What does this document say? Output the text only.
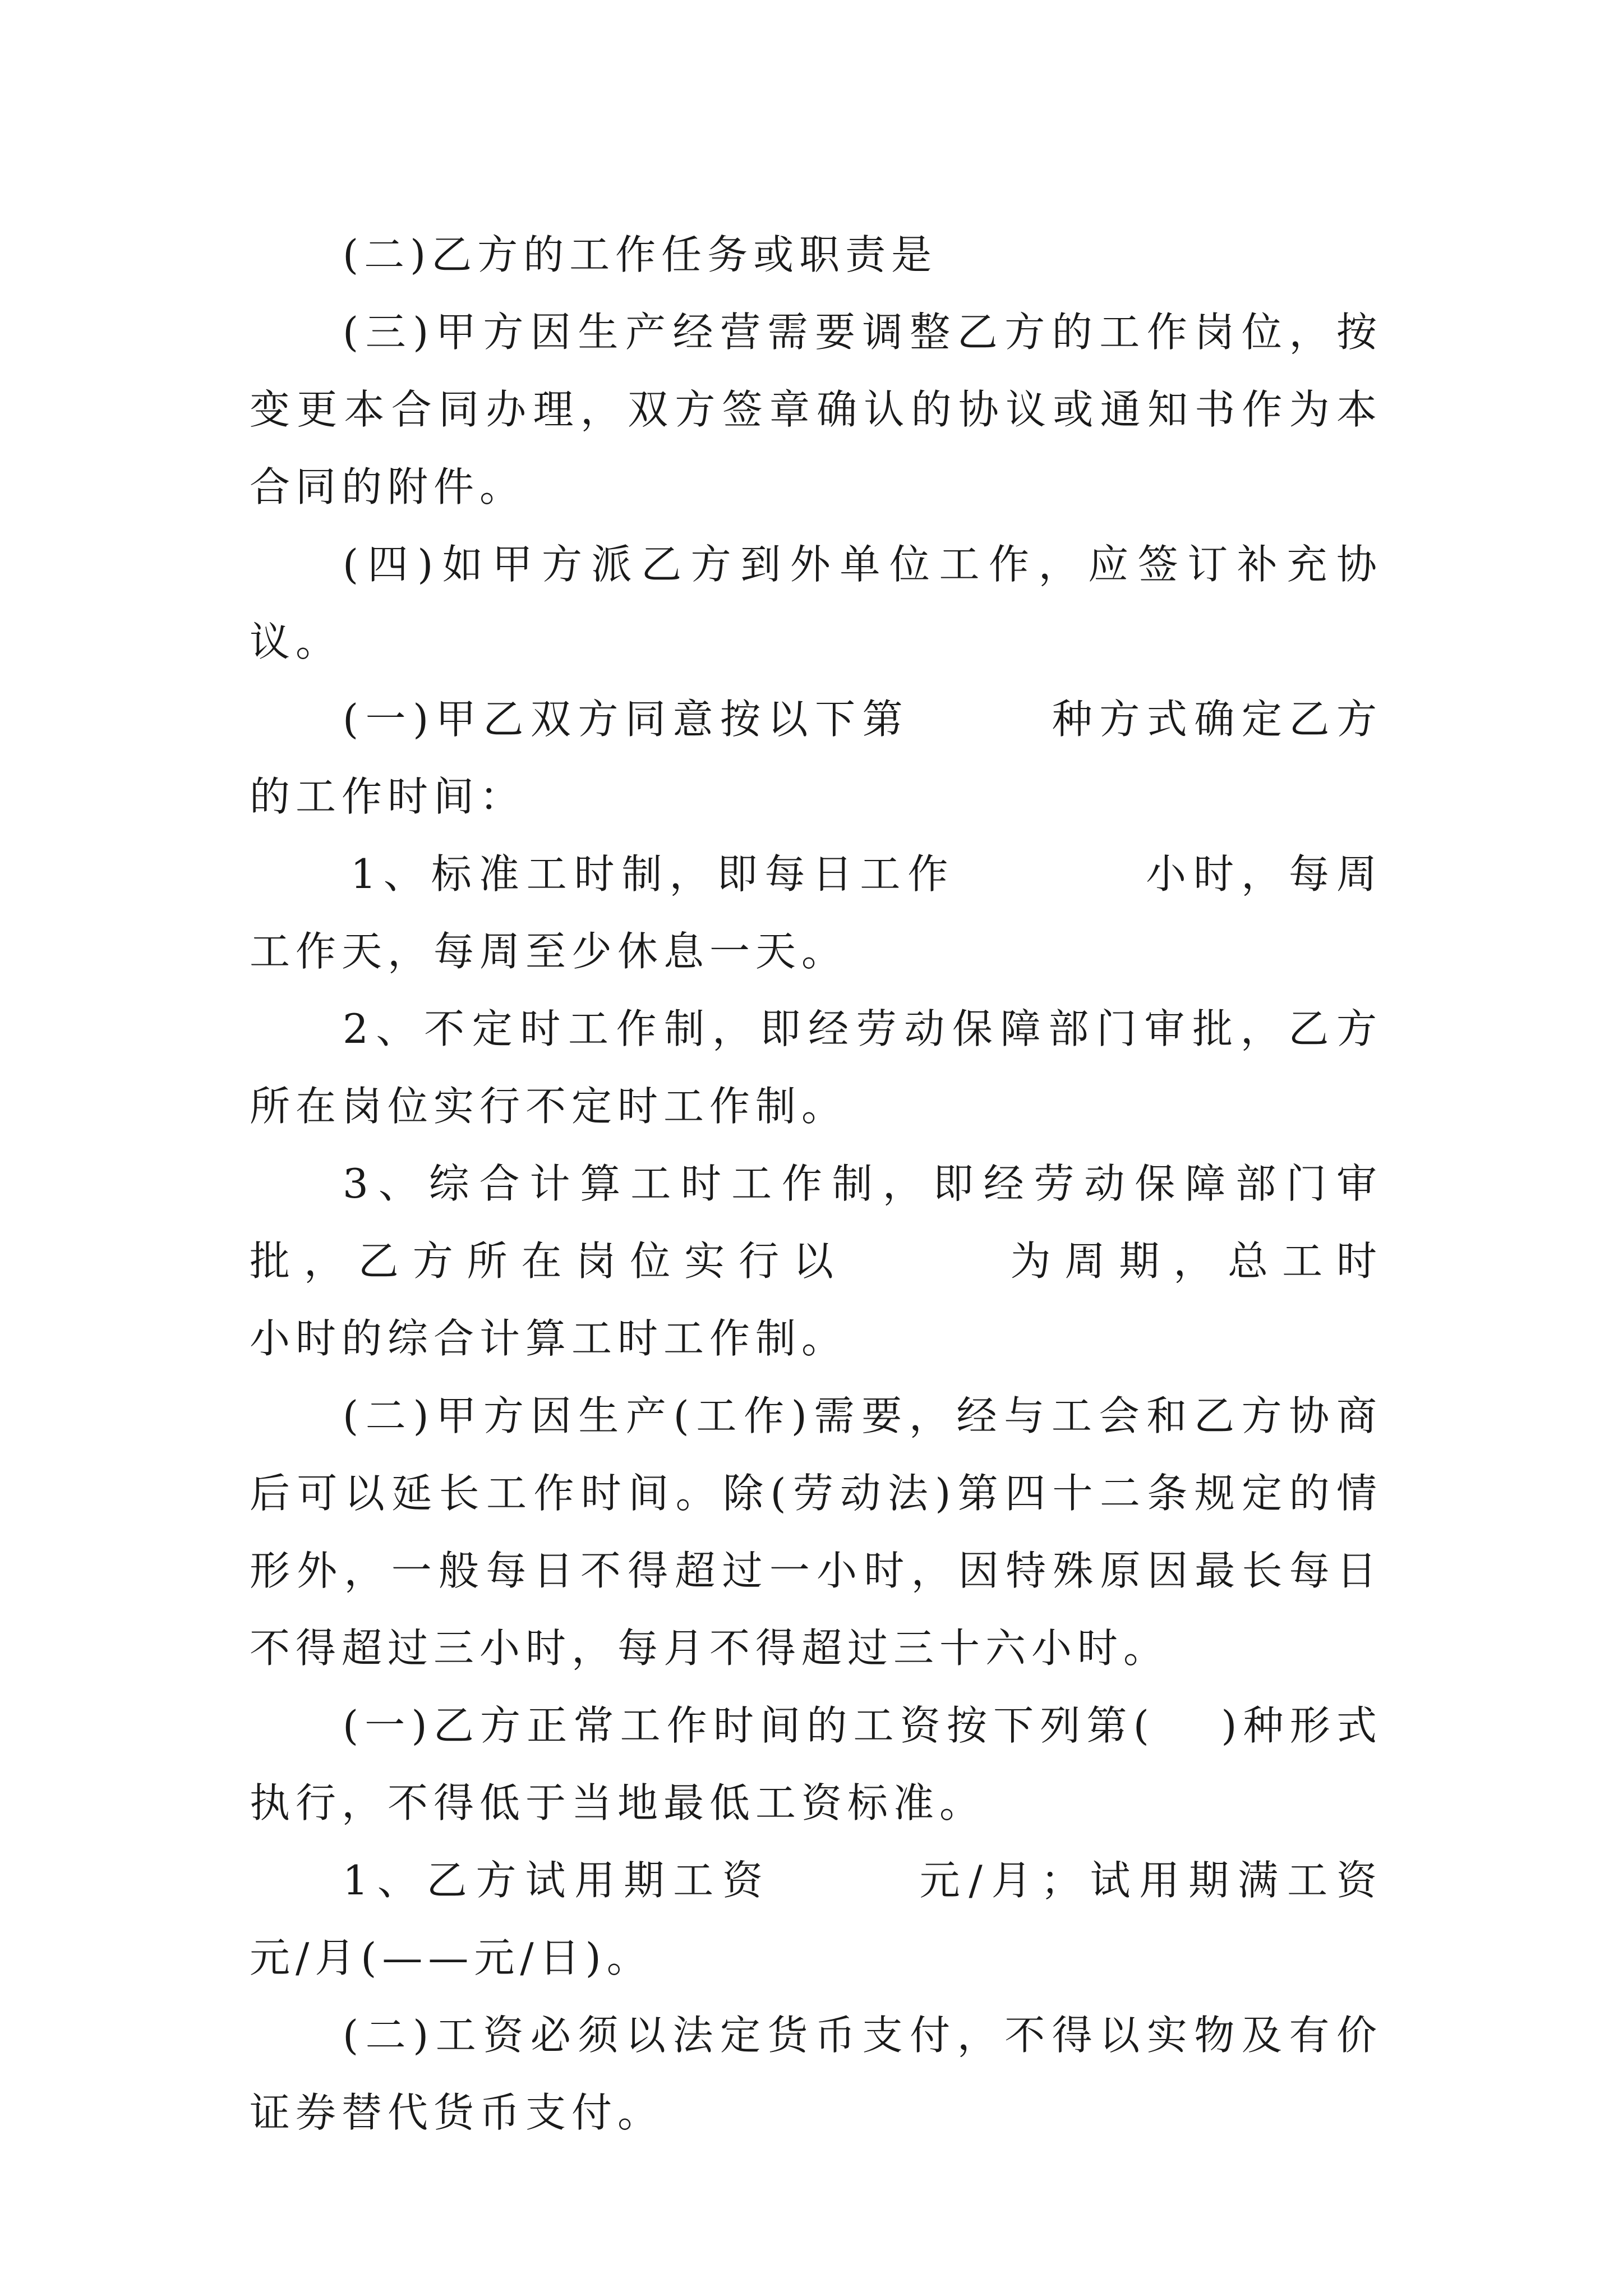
(二)乙方的工作任务或职责是

(三)甲方因生产经营需要调整乙方的工作岗位，按变更本合同办理，双方签章确认的协议或通知书作为本合同的附件。

(四)如甲方派乙方到外单位工作，应签订补充协议。

(一)甲乙双方同意按以下第　　　种方式确定乙方的工作时间：

1、标准工时制，即每日工作　　　　小时，每周工作天，每周至少休息一天。

2、不定时工作制，即经劳动保障部门审批，乙方所在岗位实行不定时工作制。

3、综合计算工时工作制，即经劳动保障部门审批，乙方所在岗位实行以　　　为周期，总工时　　　小时的综合计算工时工作制。

(二)甲方因生产(工作)需要，经与工会和乙方协商后可以延长工作时间。除(劳动法)第四十二条规定的情形外，一般每日不得超过一小时，因特殊原因最长每日不得超过三小时，每月不得超过三十六小时。

(一)乙方正常工作时间的工资按下列第(　 )种形式执行，不得低于当地最低工资标准。

1、乙方试用期工资　　　元/月；试用期满工资　　　元/月(——元/日)。

(二)工资必须以法定货币支付，不得以实物及有价证券替代货币支付。
